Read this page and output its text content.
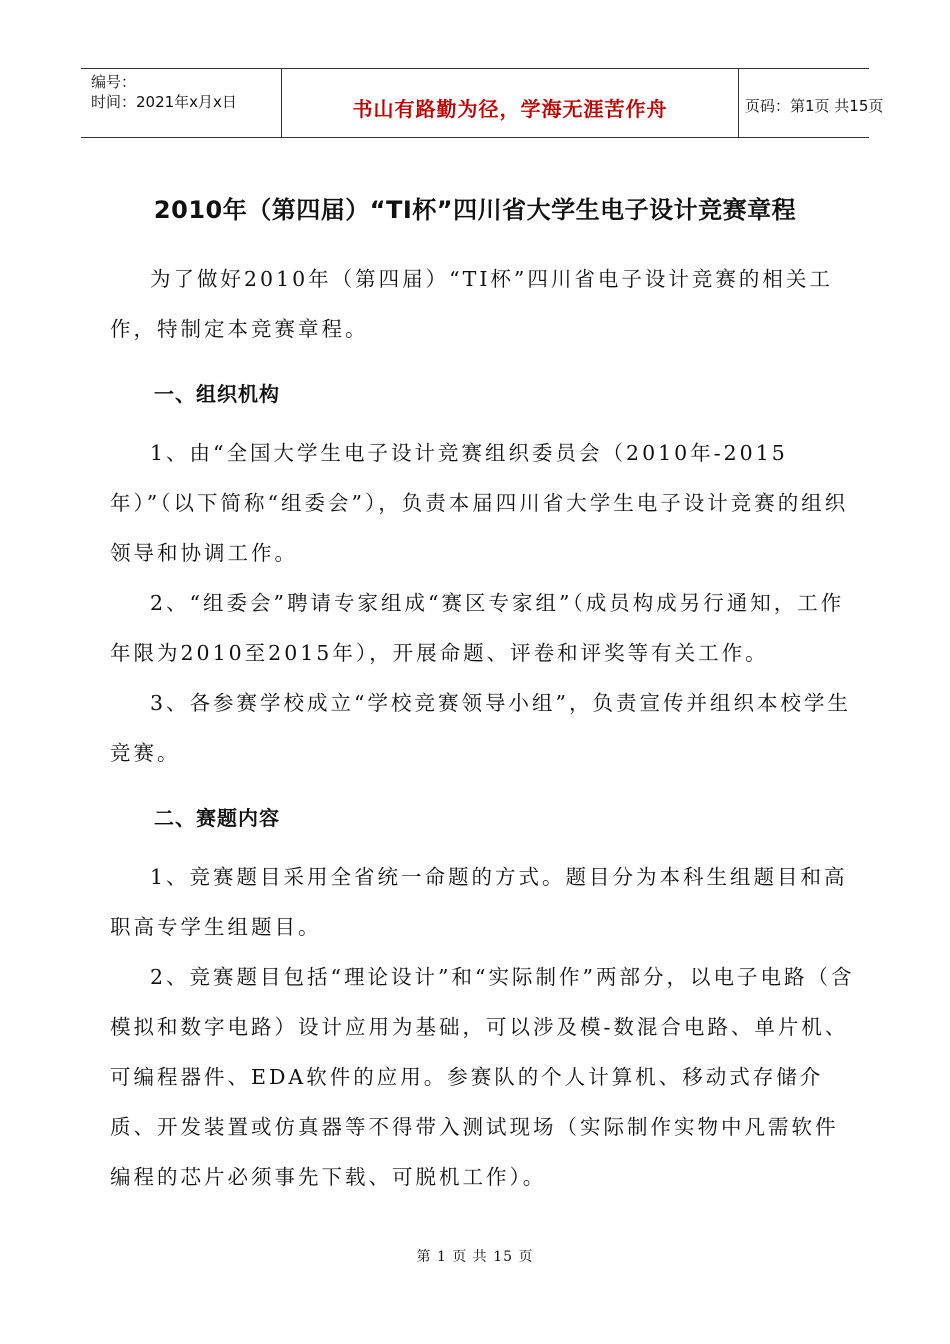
编号：
时间：2021年x月x日	书山有路勤为径，学海无涯苦作舟	页码：第1页 共15页
2010年（第四届）“TI杯”四川省大学生电子设计竞赛章程

为了做好2010年（第四届）“TI杯”四川省电子设计竞赛的相关工作，特制定本竞赛章程。

一、组织机构

1、由“全国大学生电子设计竞赛组织委员会（2010年-2015年）”（以下简称“组委会”），负责本届四川省大学生电子设计竞赛的组织领导和协调工作。

2、“组委会”聘请专家组成“赛区专家组”（成员构成另行通知，工作年限为2010至2015年），开展命题、评卷和评奖等有关工作。

3、各参赛学校成立“学校竞赛领导小组”，负责宣传并组织本校学生竞赛。

二、赛题内容

1、竞赛题目采用全省统一命题的方式。题目分为本科生组题目和高职高专学生组题目。

2、竞赛题目包括“理论设计”和“实际制作”两部分，以电子电路（含模拟和数字电路）设计应用为基础，可以涉及模-数混合电路、单片机、可编程器件、EDA软件的应用。参赛队的个人计算机、移动式存储介质、开发装置或仿真器等不得带入测试现场（实际制作实物中凡需软件编程的芯片必须事先下载、可脱机工作）。

第 1 页 共 15 页
